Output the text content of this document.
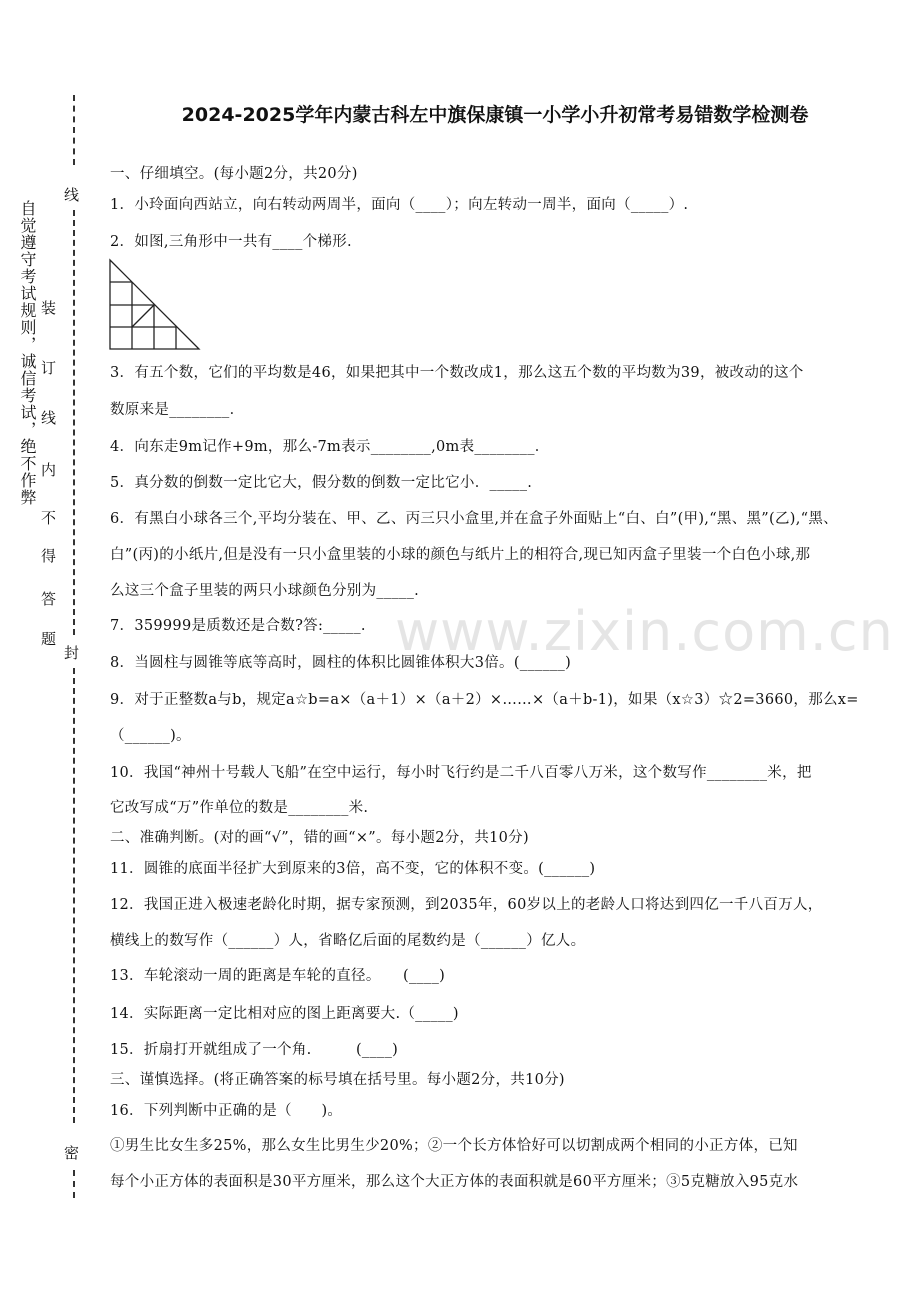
线
封
密
自觉遵守考试规则，诚信考试，绝不作弊 装
订
线
内
不
得
答
题
2024-2025学年内蒙古科左中旗保康镇一小学小升初常考易错数学检测卷
www.zixin.com.cn
一、仔细填空。(每小题2分，共20分)
1．小玲面向西站立，向右转动两周半，面向（____）；向左转动一周半，面向（_____）.
2．如图,三角形中一共有____个梯形.
3．有五个数，它们的平均数是46，如果把其中一个数改成1，那么这五个数的平均数为39，被改动的这个
数原来是________．
4．向东走9m记作+9m，那么-7m表示________,0m表________．
5．真分数的倒数一定比它大，假分数的倒数一定比它小．_____.
6．有黑白小球各三个,平均分装在、甲、乙、丙三只小盒里,并在盒子外面贴上“白、白”(甲),“黑、黑”(乙),“黑、
白”(丙)的小纸片,但是没有一只小盒里装的小球的颜色与纸片上的相符合,现已知丙盒子里装一个白色小球,那
么这三个盒子里装的两只小球颜色分别为_____.
7．359999是质数还是合数?答:_____.
8．当圆柱与圆锥等底等高时，圆柱的体积比圆锥体积大3倍。(______)
9．对于正整数a与b，规定a☆b=a×（a＋1）×（a＋2）×……×（a＋b-1)，如果（x☆3）☆2=3660，那么x=
（______)。
10．我国“神州十号载人飞船”在空中运行，每小时飞行约是二千八百零八万米，这个数写作________米，把
它改写成“万”作单位的数是________米.
二、准确判断。(对的画“√”，错的画“×”。每小题2分，共10分)
11．圆锥的底面半径扩大到原来的3倍，高不变，它的体积不变。(______)
12．我国正进入极速老龄化时期，据专家预测，到2035年，60岁以上的老龄人口将达到四亿一千八百万人，
横线上的数写作（______）人，省略亿后面的尾数约是（______）亿人。
13．车轮滚动一周的距离是车轮的直径。　　(____)
14．实际距离一定比相对应的图上距离要大.（_____)
15．折扇打开就组成了一个角.　　　(____)
三、谨慎选择。(将正确答案的标号填在括号里。每小题2分，共10分)
16．下列判断中正确的是（　　)。
①男生比女生多25%，那么女生比男生少20%；②一个长方体恰好可以切割成两个相同的小正方体，已知
每个小正方体的表面积是30平方厘米，那么这个大正方体的表面积就是60平方厘米；③5克糖放入95克水
